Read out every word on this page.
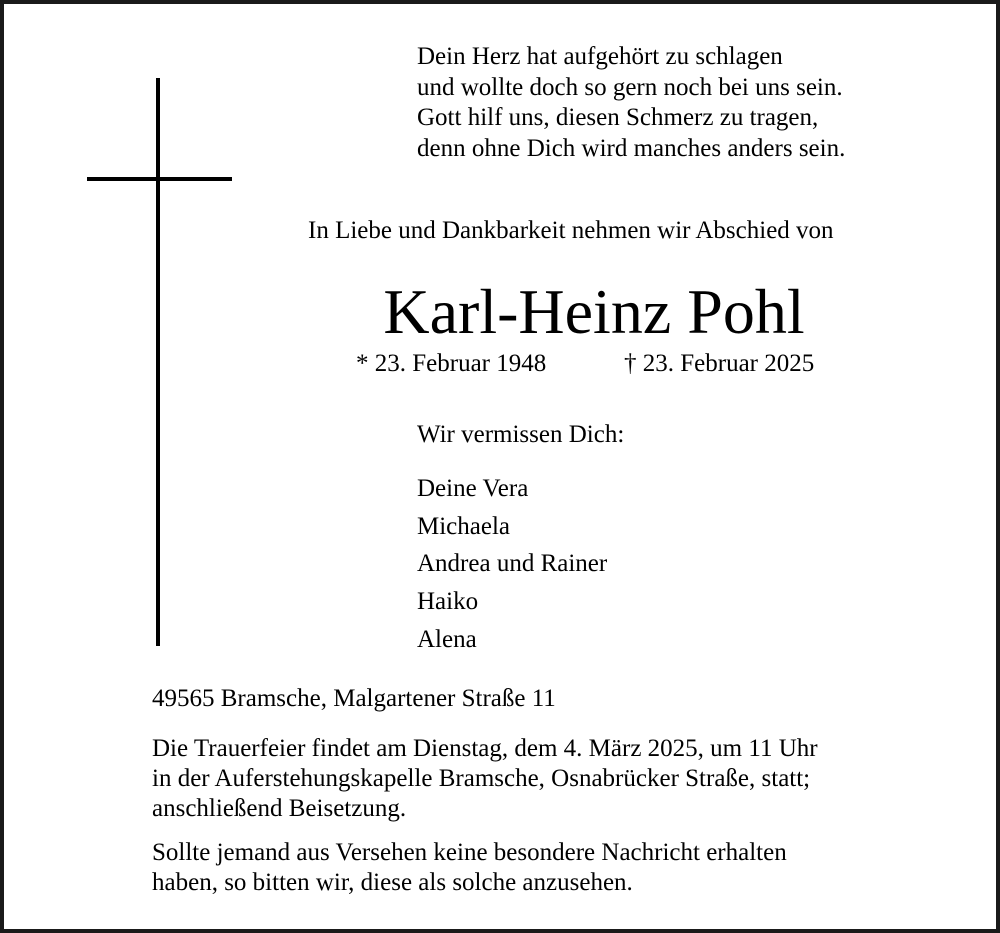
Dein Herz hat aufgehört zu schlagen
und wollte doch so gern noch bei uns sein.
Gott hilf uns, diesen Schmerz zu tragen,
denn ohne Dich wird manches anders sein.
In Liebe und Dankbarkeit nehmen wir Abschied von
Karl-Heinz Pohl
* 23. Februar 1948	† 23. Februar 2025
Wir vermissen Dich:
Deine Vera
Michaela
Andrea und Rainer
Haiko
Alena
49565 Bramsche, Malgartener Straße 11
Die Trauerfeier findet am Dienstag, dem 4. März 2025, um 11 Uhr
in der Auferstehungskapelle Bramsche, Osnabrücker Straße, statt;
anschließend Beisetzung.
Sollte jemand aus Versehen keine besondere Nachricht erhalten
haben, so bitten wir, diese als solche anzusehen.
